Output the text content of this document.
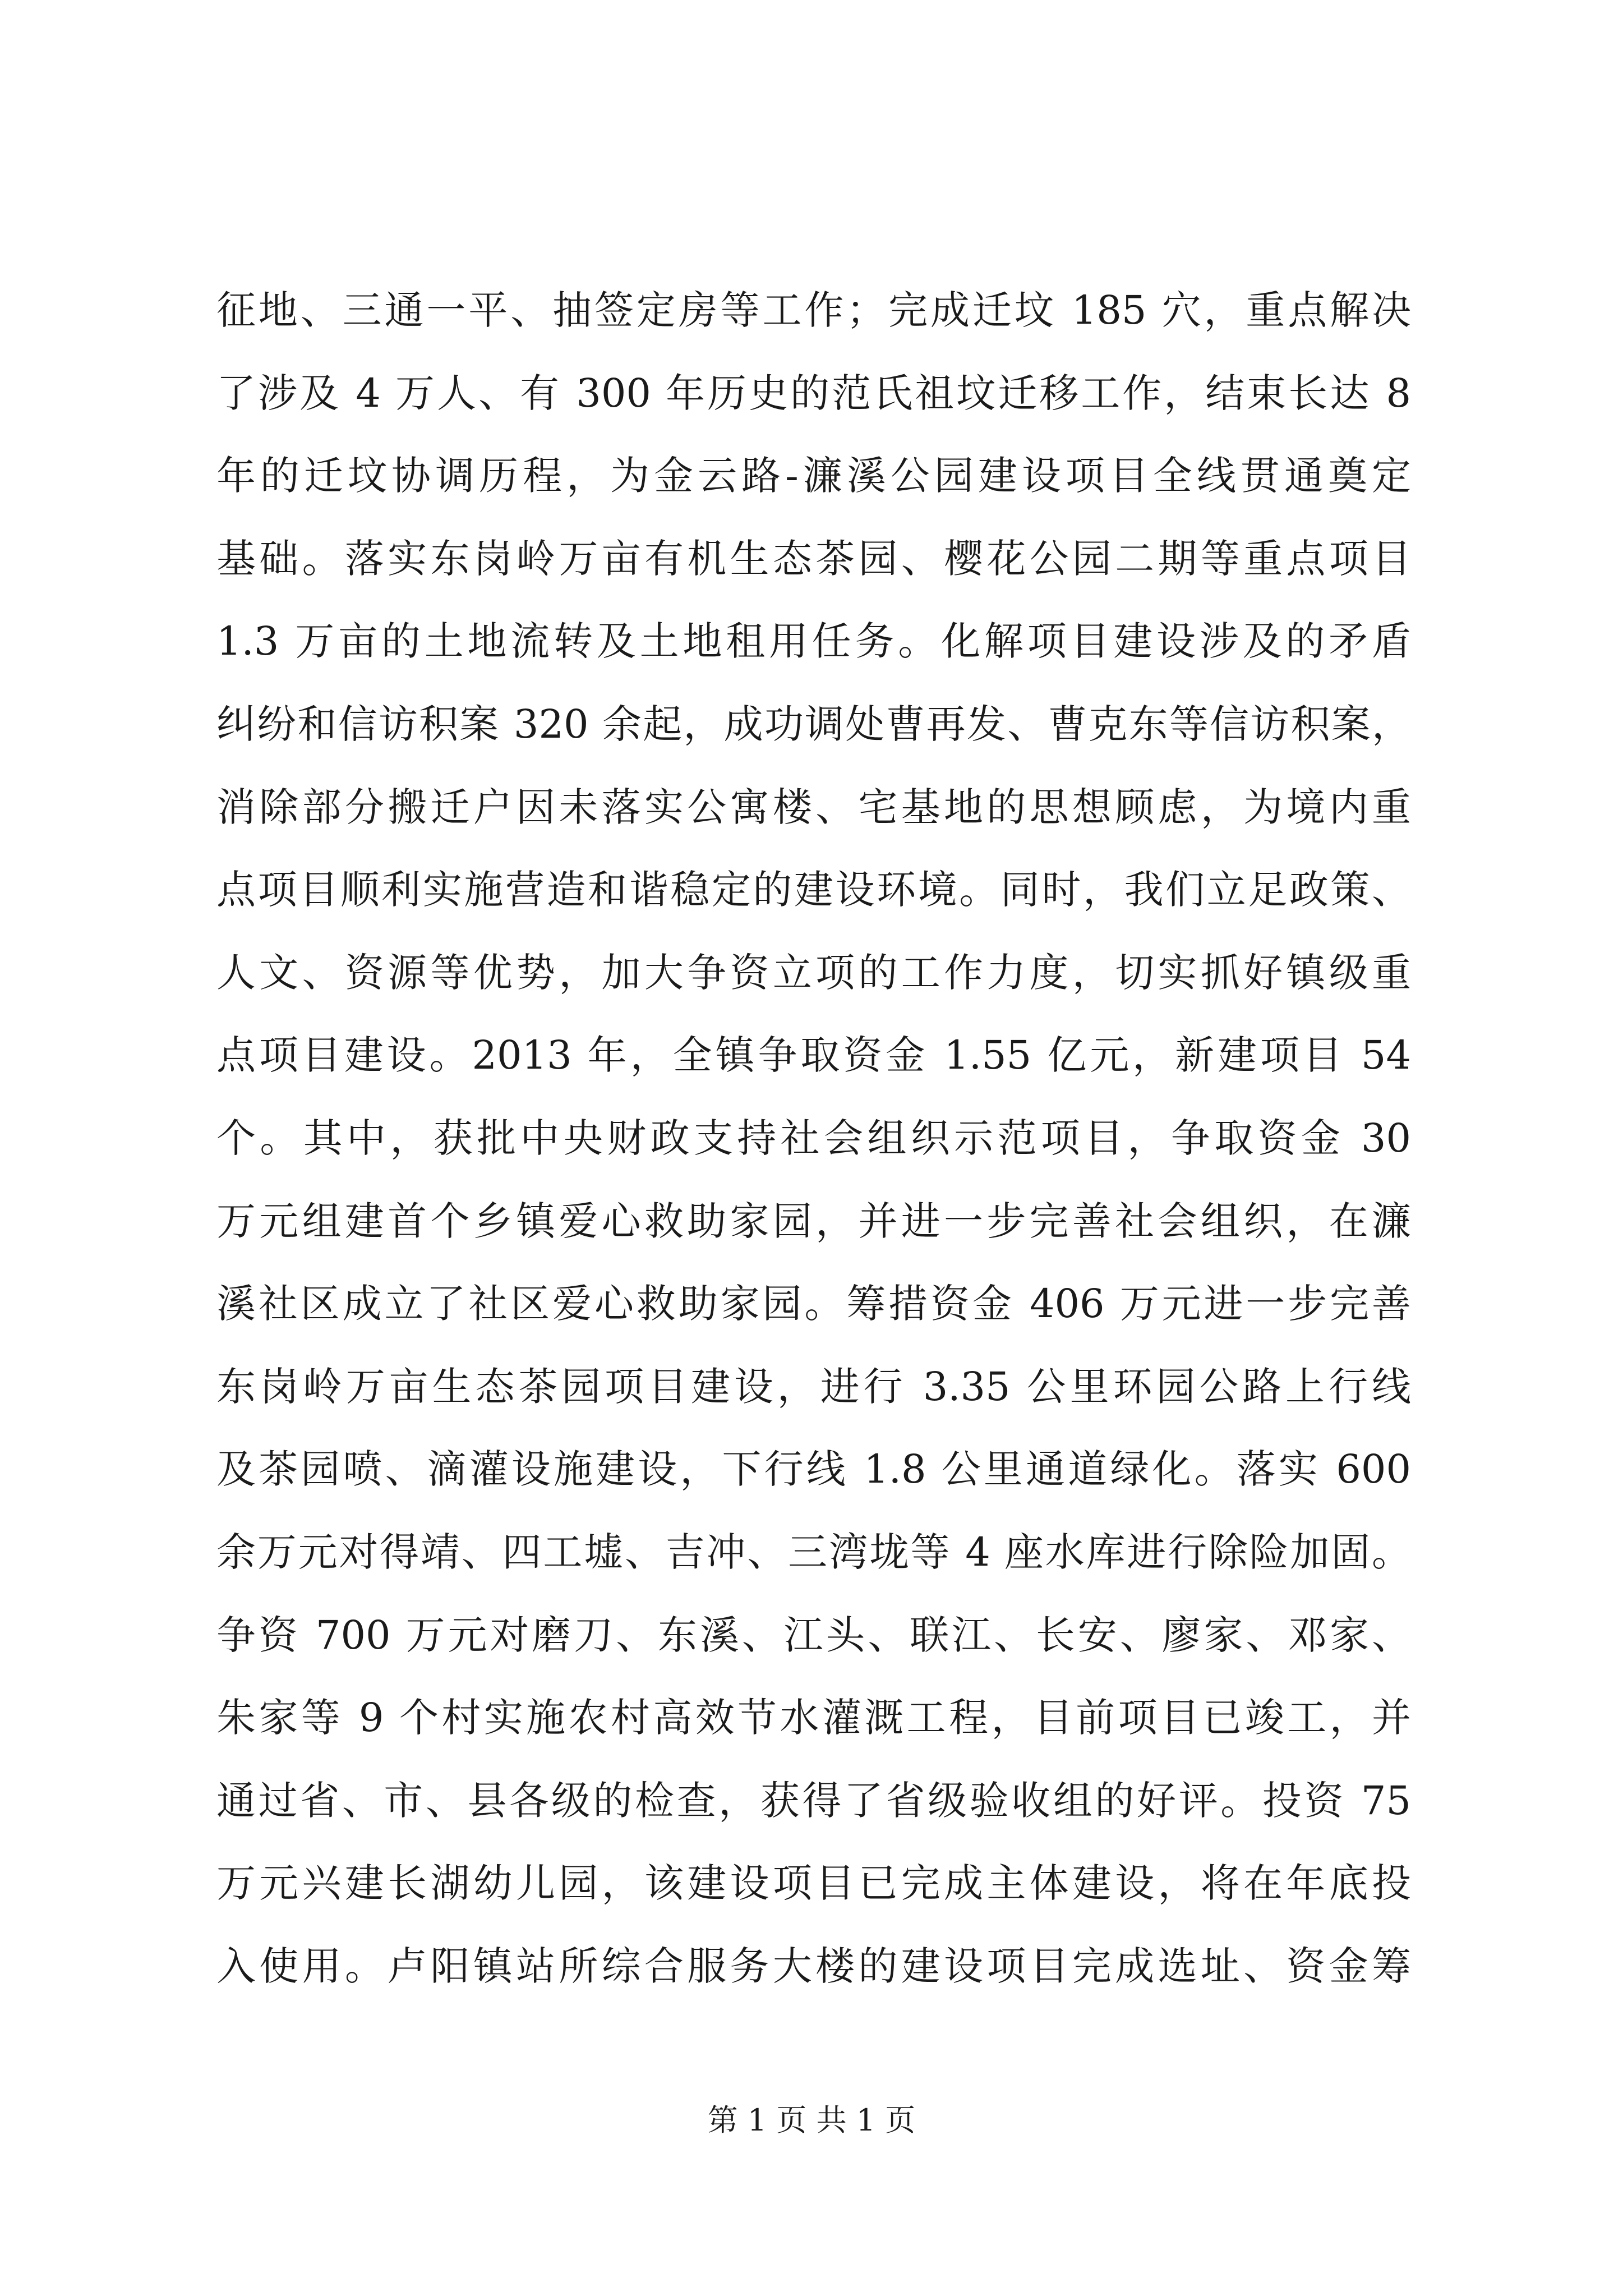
征地、三通一平、抽签定房等工作；完成迁坟 185 穴，重点解决
了涉及 4 万人、有 300 年历史的范氏祖坟迁移工作，结束长达 8
年的迁坟协调历程，为金云路-濂溪公园建设项目全线贯通奠定
基础。落实东岗岭万亩有机生态茶园、樱花公园二期等重点项目
1.3 万亩的土地流转及土地租用任务。化解项目建设涉及的矛盾
纠纷和信访积案 320 余起，成功调处曹再发、曹克东等信访积案，
消除部分搬迁户因未落实公寓楼、宅基地的思想顾虑，为境内重
点项目顺利实施营造和谐稳定的建设环境。同时，我们立足政策、
人文、资源等优势，加大争资立项的工作力度，切实抓好镇级重
点项目建设。2013 年，全镇争取资金 1.55 亿元，新建项目 54
个。其中，获批中央财政支持社会组织示范项目，争取资金 30
万元组建首个乡镇爱心救助家园，并进一步完善社会组织，在濂
溪社区成立了社区爱心救助家园。筹措资金 406 万元进一步完善
东岗岭万亩生态茶园项目建设，进行 3.35 公里环园公路上行线
及茶园喷、滴灌设施建设，下行线 1.8 公里通道绿化。落实 600
余万元对得靖、四工墟、吉冲、三湾垅等 4 座水库进行除险加固。
争资 700 万元对磨刀、东溪、江头、联江、长安、廖家、邓家、
朱家等 9 个村实施农村高效节水灌溉工程，目前项目已竣工，并
通过省、市、县各级的检查，获得了省级验收组的好评。投资 75
万元兴建长湖幼儿园，该建设项目已完成主体建设，将在年底投
入使用。卢阳镇站所综合服务大楼的建设项目完成选址、资金筹
第 1 页 共 1 页
